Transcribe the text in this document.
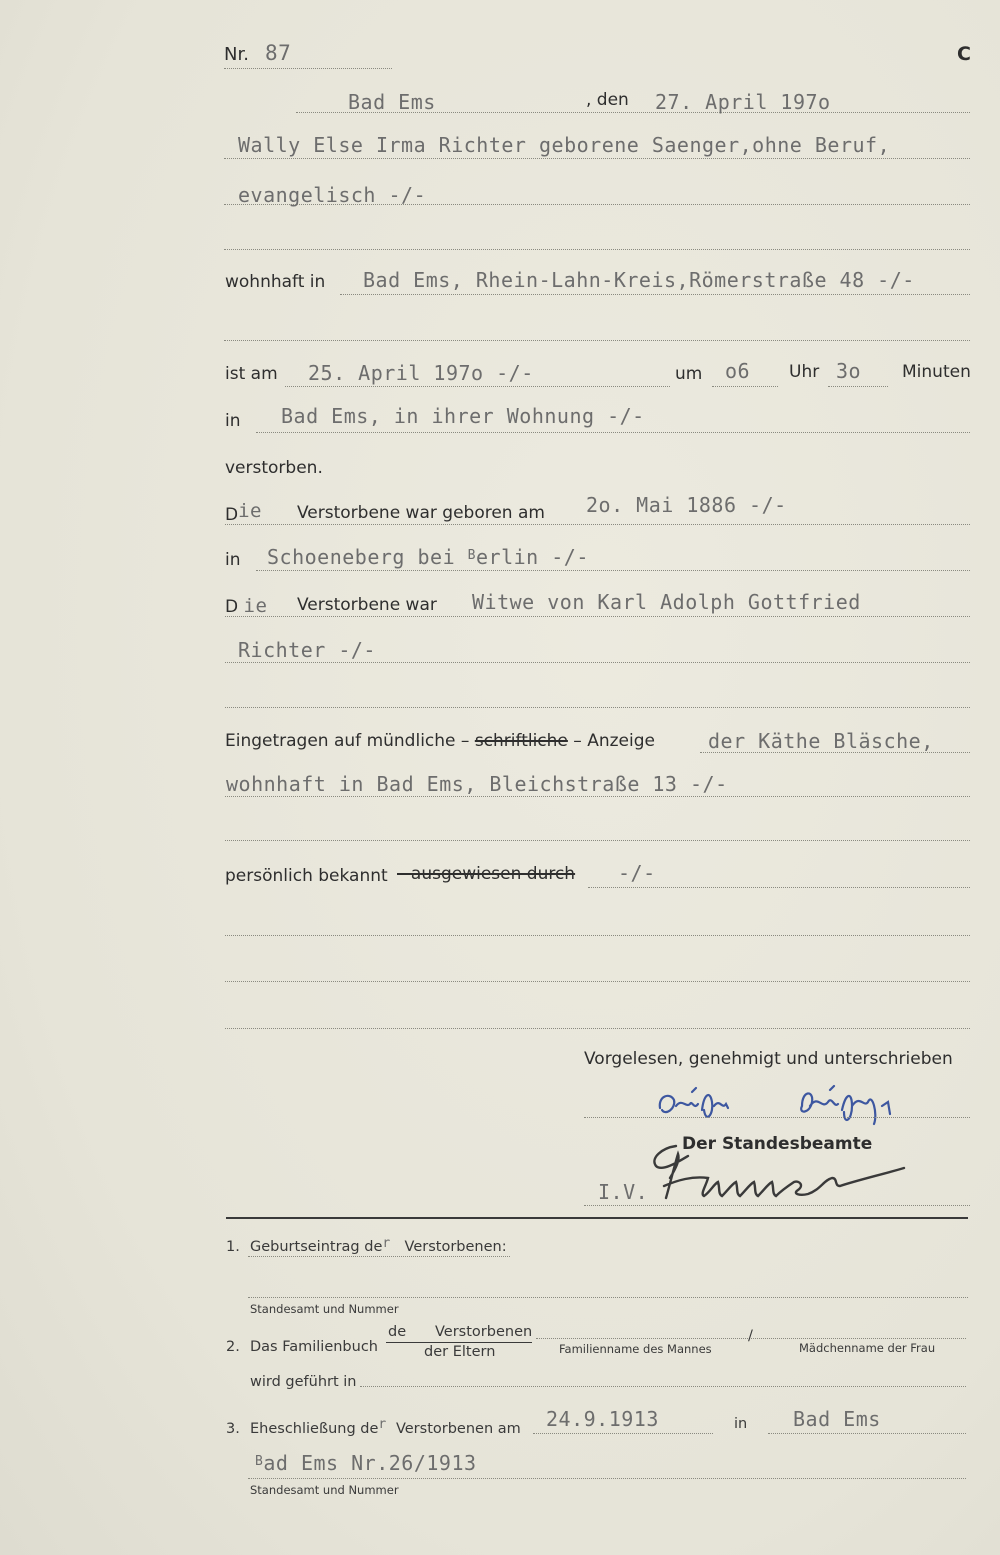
Nr. 87	C
Bad Ems	, den 27. April 197o
Wally Else Irma Richter geborene Saenger,ohne Beruf,
evangelisch -/-
wohnhaft in Bad Ems, Rhein-Lahn-Kreis,Römerstraße 48 -/-
ist am 25. April 197o -/-	um o6 Uhr 3o Minuten
in Bad Ems, in ihrer Wohnung -/-
verstorben.
Die Verstorbene war geboren am 2o. Mai 1886 -/-
in Schoeneberg bei $^B$erlin -/-
D ie Verstorbene war Witwe von Karl Adolph Gottfried
Richter -/-
Eingetragen auf mündliche – schriftliche – Anzeige	der Käthe Bläsche,
wohnhaft in Bad Ems, Bleichstraße 13 -/-
persönlich bekannt – ausgewiesen durch -/-
Vorgelesen, genehmigt und unterschrieben
Der Standesbeamte
I.V.
1. Geburtseintrag der Verstorbenen:
Standesamt und Nummer
2. Das Familienbuch
de Verstorbenen
der Eltern	Familienname des Mannes
/
Mädchenname der Frau
wird geführt in
3. Eheschließung der Verstorbenen am 24.9.1913	in Bad Ems
$^B$ad Ems Nr.26/1913
Standesamt und Nummer
